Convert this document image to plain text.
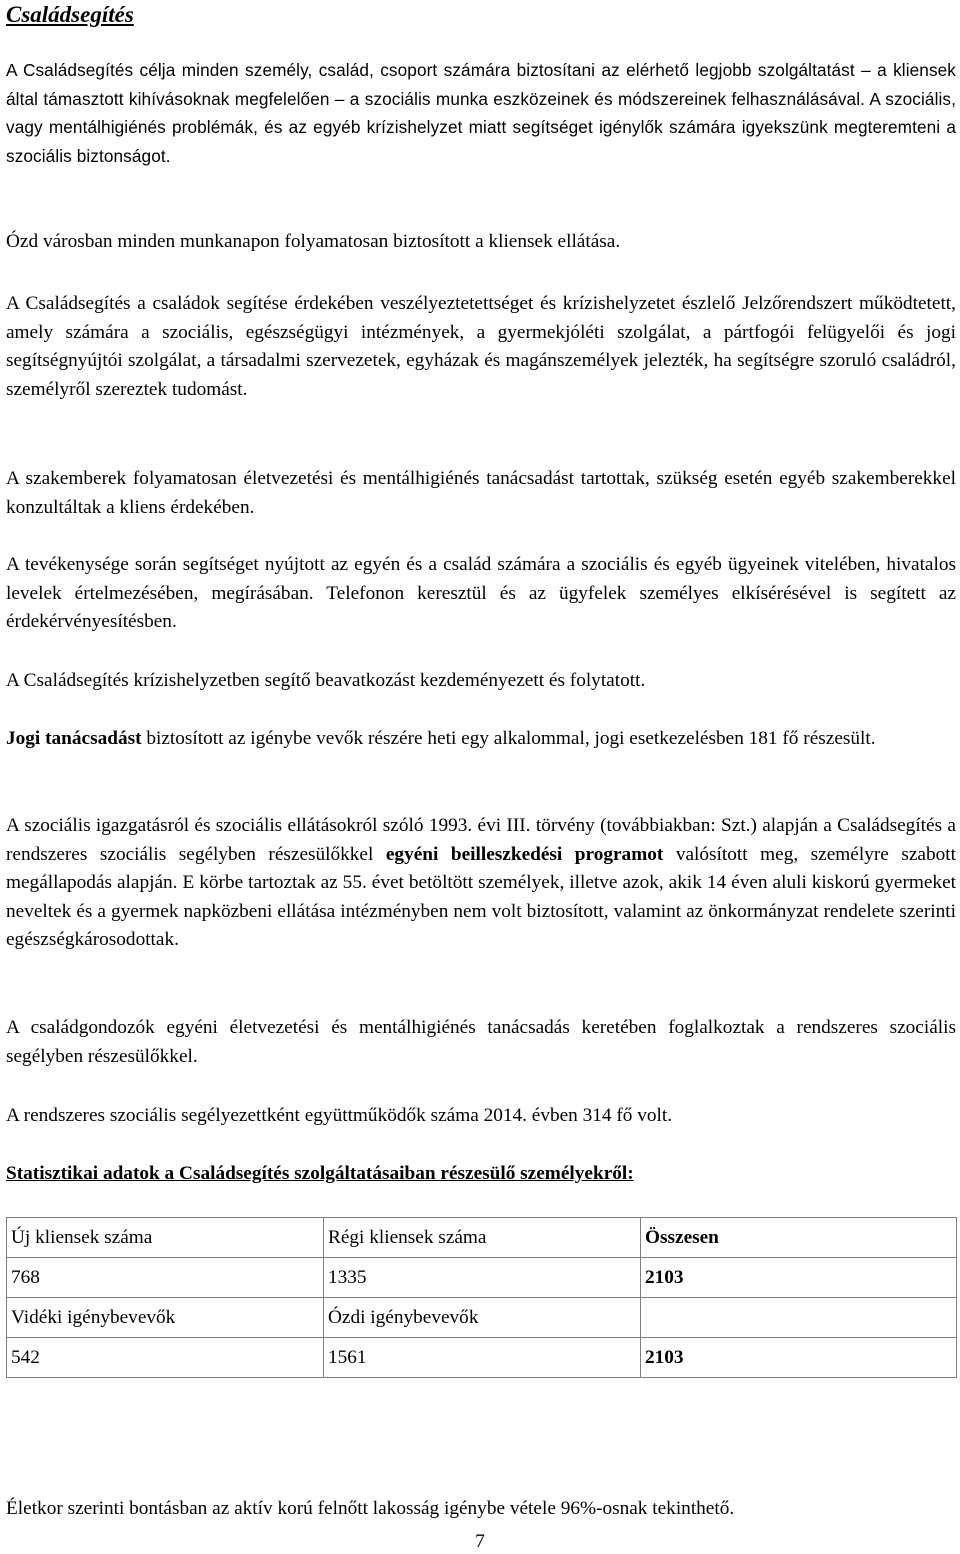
Családsegítés

A Családsegítés célja minden személy, család, csoport számára biztosítani az elérhető legjobb szolgáltatást – a kliensek által támasztott kihívásoknak megfelelően – a szociális munka eszközeinek és módszereinek felhasználásával. A szociális, vagy mentálhigiénés problémák, és az egyéb krízishelyzet miatt segítséget igénylők számára igyekszünk megteremteni a szociális biztonságot.

Ózd városban minden munkanapon folyamatosan biztosított a kliensek ellátása.

A Családsegítés a családok segítése érdekében veszélyeztetettséget és krízishelyzetet észlelő Jelzőrendszert működtetett, amely számára a szociális, egészségügyi intézmények, a gyermekjóléti szolgálat, a pártfogói felügyelői és jogi segítségnyújtói szolgálat, a társadalmi szervezetek, egyházak és magánszemélyek jelezték, ha segítségre szoruló családról, személyről szereztek tudomást.

A szakemberek folyamatosan életvezetési és mentálhigiénés tanácsadást tartottak, szükség esetén egyéb szakemberekkel konzultáltak a kliens érdekében.

A tevékenysége során segítséget nyújtott az egyén és a család számára a szociális és egyéb ügyeinek vitelében, hivatalos levelek értelmezésében, megírásában. Telefonon keresztül és az ügyfelek személyes elkísérésével is segített az érdekérvényesítésben.

A Családsegítés krízishelyzetben segítő beavatkozást kezdeményezett és folytatott.

Jogi tanácsadást biztosított az igénybe vevők részére heti egy alkalommal, jogi esetkezelésben 181 fő részesült.

A szociális igazgatásról és szociális ellátásokról szóló 1993. évi III. törvény (továbbiakban: Szt.) alapján a Családsegítés a rendszeres szociális segélyben részesülőkkel egyéni beilleszkedési programot valósított meg, személyre szabott megállapodás alapján. E körbe tartoztak az 55. évet betöltött személyek, illetve azok, akik 14 éven aluli kiskorú gyermeket neveltek és a gyermek napközbeni ellátása intézményben nem volt biztosított, valamint az önkormányzat rendelete szerinti egészségkárosodottak.

A családgondozók egyéni életvezetési és mentálhigiénés tanácsadás keretében foglalkoztak a rendszeres szociális segélyben részesülőkkel.

A rendszeres szociális segélyezettként együttműködők száma 2014. évben 314 fő volt.

Statisztikai adatok a Családsegítés szolgáltatásaiban részesülő személyekről:
Új kliensek száma	Régi kliensek száma	Összesen
768	1335	2103
Vidéki igénybevevők	Ózdi igénybevevők	
542	1561	2103

Életkor szerinti bontásban az aktív korú felnőtt lakosság igénybe vétele 96%-osnak tekinthető.

7
